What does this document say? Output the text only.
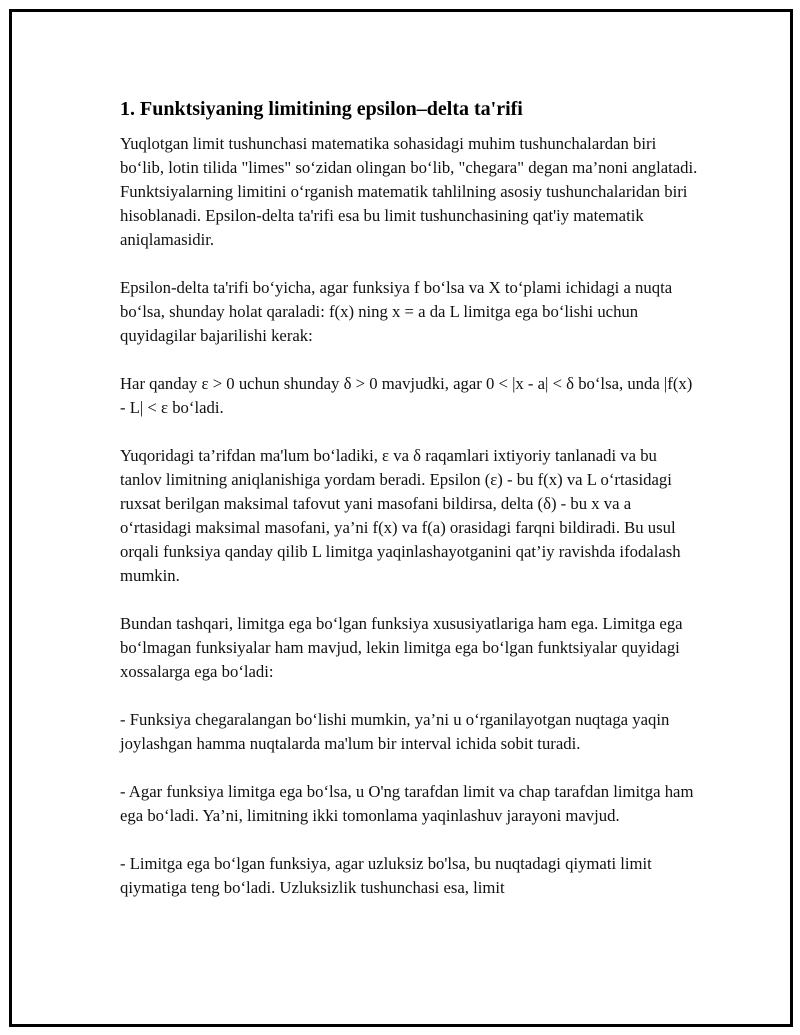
1. Funktsiyaning limitining epsilon–delta ta'rifi

Yuqlotgan limit tushunchasi matematika sohasidagi muhim tushunchalardan biri bo‘lib, lotin tilida "limes" so‘zidan olingan bo‘lib, "chegara" degan ma’noni anglatadi. Funktsiyalarning limitini o‘rganish matematik tahlilning asosiy tushunchalaridan biri hisoblanadi. Epsilon-delta ta'rifi esa bu limit tushunchasining qat'iy matematik aniqlamasidir.

Epsilon-delta ta'rifi bo‘yicha, agar funksiya f bo‘lsa va X to‘plami ichidagi a nuqta bo‘lsa, shunday holat qaraladi: f(x) ning x = a da L limitga ega bo‘lishi uchun quyidagilar bajarilishi kerak:

Har qanday ε > 0 uchun shunday δ > 0 mavjudki, agar 0 < |x - a| < δ bo‘lsa, unda |f(x) - L| < ε bo‘ladi.

Yuqoridagi ta’rifdan ma'lum bo‘ladiki, ε va δ raqamlari ixtiyoriy tanlanadi va bu tanlov limitning aniqlanishiga yordam beradi. Epsilon (ε) - bu f(x) va L o‘rtasidagi ruxsat berilgan maksimal tafovut yani masofani bildirsa, delta (δ) - bu x va a o‘rtasidagi maksimal masofani, ya’ni f(x) va f(a) orasidagi farqni bildiradi. Bu usul orqali funksiya qanday qilib L limitga yaqinlashayotganini qat’iy ravishda ifodalash mumkin.

Bundan tashqari, limitga ega bo‘lgan funksiya xususiyatlariga ham ega. Limitga ega bo‘lmagan funksiyalar ham mavjud, lekin limitga ega bo‘lgan funktsiyalar quyidagi xossalarga ega bo‘ladi:

- Funksiya chegaralangan bo‘lishi mumkin, ya’ni u o‘rganilayotgan nuqtaga yaqin joylashgan hamma nuqtalarda ma'lum bir interval ichida sobit turadi.

- Agar funksiya limitga ega bo‘lsa, u O'ng tarafdan limit va chap tarafdan limitga ham ega bo‘ladi. Ya’ni, limitning ikki tomonlama yaqinlashuv jarayoni mavjud.

- Limitga ega bo‘lgan funksiya, agar uzluksiz bo'lsa, bu nuqtadagi qiymati limit qiymatiga teng bo‘ladi. Uzluksizlik tushunchasi esa, limit
